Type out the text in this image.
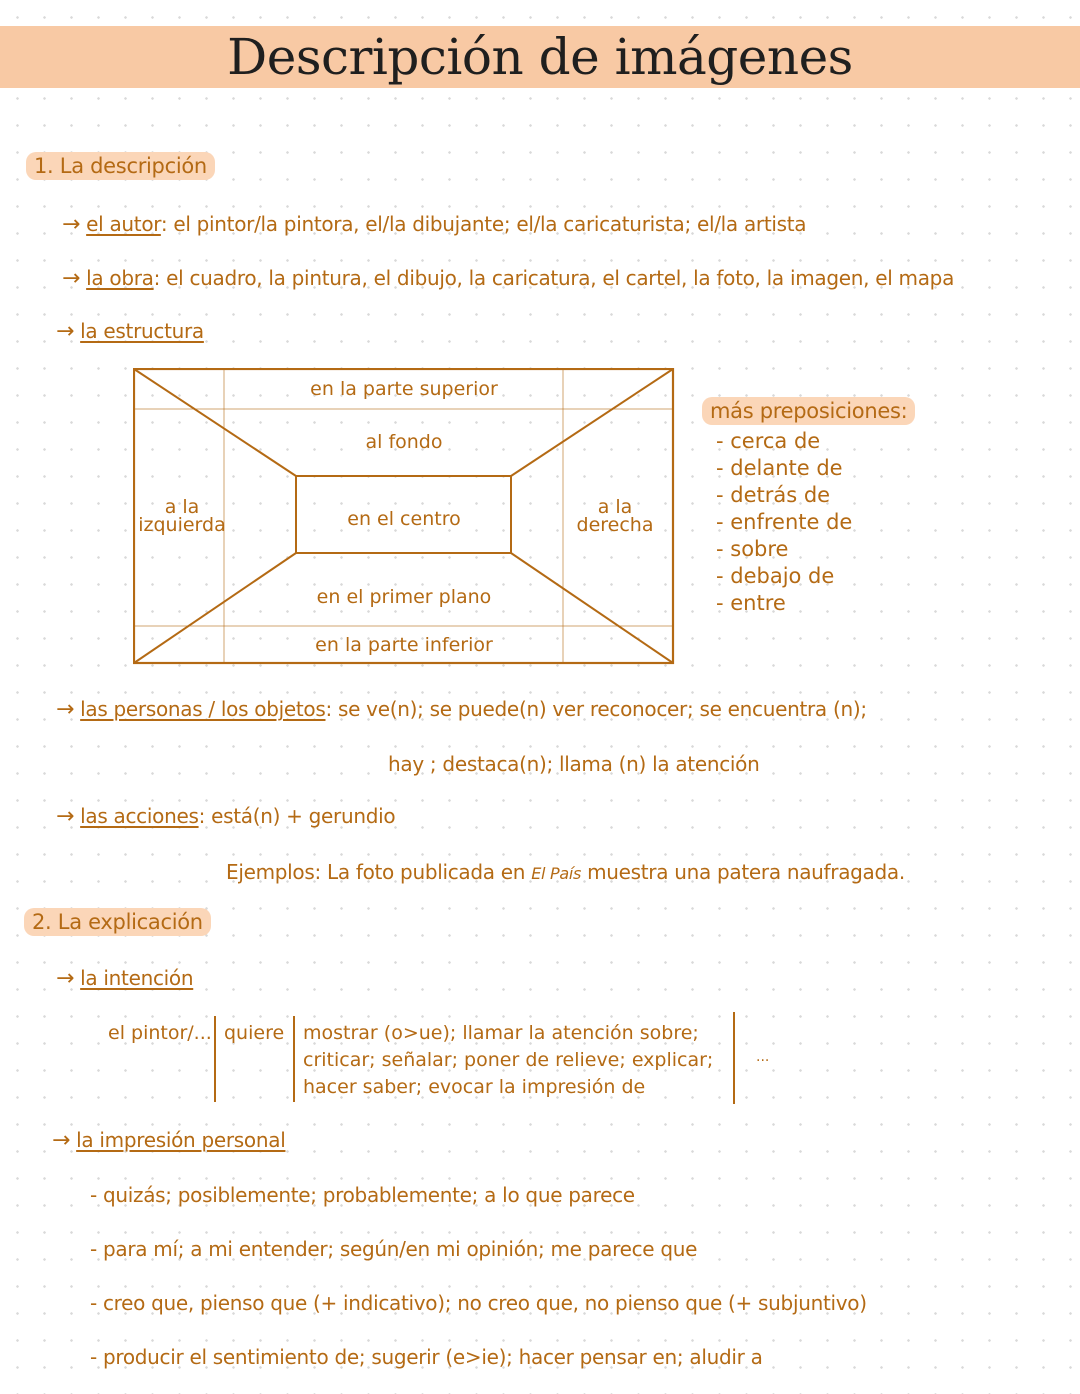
Descripción de imágenes
1. La descripción
→ el autor: el pintor/la pintora, el/la dibujante; el/la caricaturista; el/la artista
→ la obra: el cuadro, la pintura, el dibujo, la caricatura, el cartel, la foto, la imagen, el mapa
→ la estructura
en la parte superior
al fondo
a la
izquierda	en el centro
a la
derecha
en el primer plano
en la parte inferior
más preposiciones:
- cerca de
- delante de
- detrás de
- enfrente de
- sobre
- debajo de
- entre
→ las personas / los objetos: se ve(n); se puede(n) ver reconocer; se encuentra (n);
hay ; destaca(n); llama (n) la atención
→ las acciones: está(n) + gerundio
Ejemplos: La foto publicada en El País muestra una patera naufragada.
2. La explicación
→ la intención
el pintor/... quiere mostrar (o>ue); llamar la atención sobre;
criticar; señalar; poner de relieve; explicar;
hacer saber; evocar la impresión de
...
→ la impresión personal
- quizás; posiblemente; probablemente; a lo que parece
- para mí; a mi entender; según/en mi opinión; me parece que
- creo que, pienso que (+ indicativo); no creo que, no pienso que (+ subjuntivo)
- producir el sentimiento de; sugerir (e>ie); hacer pensar en; aludir a
